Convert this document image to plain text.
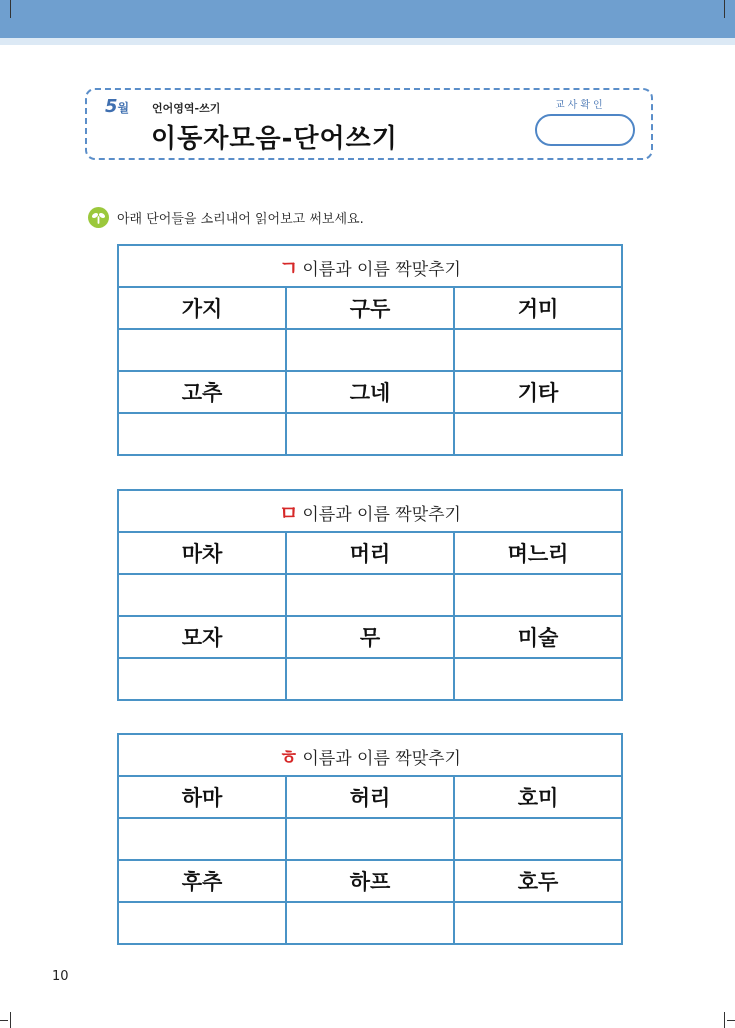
5월 언어영역-쓰기
이동자모음-단어쓰기
교사확인
아래 단어들을 소리내어 읽어보고 써보세요.
ㄱ 이름과 이름 짝맞추기		
가지	구두	거미

고추	그네	기타

ㅁ 이름과 이름 짝맞추기		
마차	머리	며느리

모자	무	미술

ㅎ 이름과 이름 짝맞추기		
하마	허리	호미

후추	하프	호두

10
